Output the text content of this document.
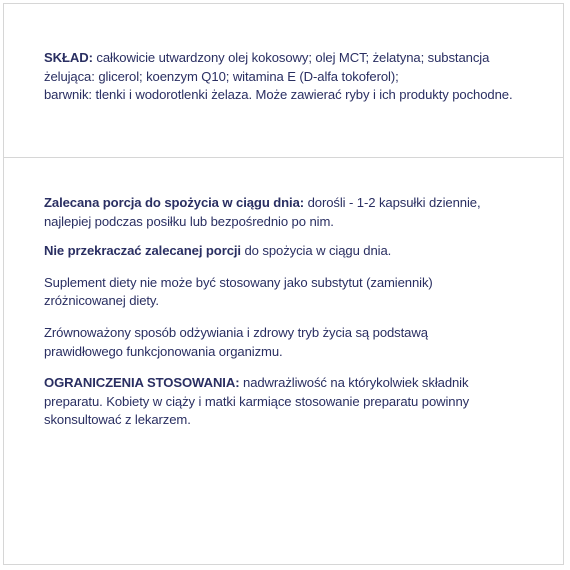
SKŁAD: całkowicie utwardzony olej kokosowy; olej MCT; żelatyna; substancja
żelująca: glicerol; koenzym Q10; witamina E (D-alfa tokoferol);
barwnik: tlenki i wodorotlenki żelaza. Może zawierać ryby i ich produkty pochodne.

Zalecana porcja do spożycia w ciągu dnia: dorośli - 1-2 kapsułki dziennie,
najlepiej podczas posiłku lub bezpośrednio po nim.

Nie przekraczać zalecanej porcji do spożycia w ciągu dnia.

Suplement diety nie może być stosowany jako substytut (zamiennik)
zróżnicowanej diety.

Zrównoważony sposób odżywiania i zdrowy tryb życia są podstawą
prawidłowego funkcjonowania organizmu.

OGRANICZENIA STOSOWANIA: nadwrażliwość na którykolwiek składnik
preparatu. Kobiety w ciąży i matki karmiące stosowanie preparatu powinny
skonsultować z lekarzem.
